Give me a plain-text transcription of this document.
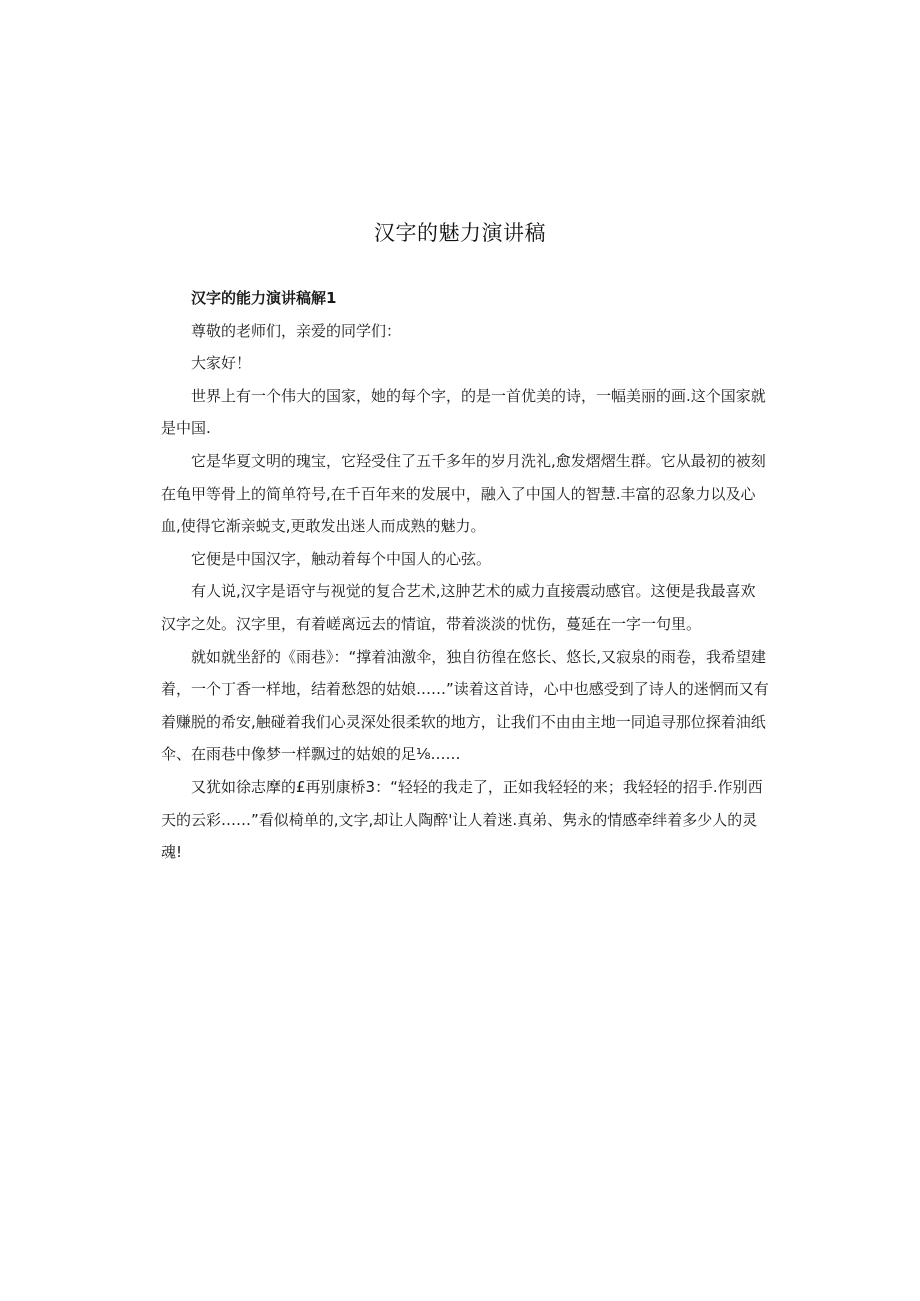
汉字的魅力演讲稿

汉字的能力演讲稿解1

尊敬的老师们，亲爱的同学们：

大家好！

世界上有一个伟大的国家，她的每个字，的是一首优美的诗，一幅美丽的画.这个国家就是中国.

它是华夏文明的瑰宝，它羟受住了五千多年的岁月洗礼,愈发熠熠生群。它从最初的被刻在龟甲等骨上的简单符号,在千百年来的发展中，融入了中国人的智慧.丰富的忍象力以及心血,使得它渐亲蜕支,更敢发出迷人而成熟的魅力。

它便是中国汉字，触动着每个中国人的心弦。

有人说,汉字是语守与视觉的复合艺术,这肿艺术的威力直接震动感官。这便是我最喜欢汉字之处。汉字里，有着嵯离远去的情谊，带着淡淡的忧伤，蔓延在一字一句里。

就如就坐舒的《雨巷》：“撑着油激伞，独自彷徨在悠长、悠长,又寂泉的雨卷，我希望建着，一个丁香一样地，结着愁怨的姑娘……”读着这首诗，心中也感受到了诗人的迷惘而又有着赚脱的希安,触碰着我们心灵深处很柔软的地方，让我们不由由主地一同追寻那位探着油纸伞、在雨巷中像梦一样飘过的姑娘的足⅛……

又犹如徐志摩的£再别康桥3：“轻轻的我走了，正如我轻轻的来；我轻轻的招手.作别西天的云彩……”看似椅单的,文字,却让人陶醉'让人着迷.真弟、隽永的情感牵绊着多少人的灵魂!
